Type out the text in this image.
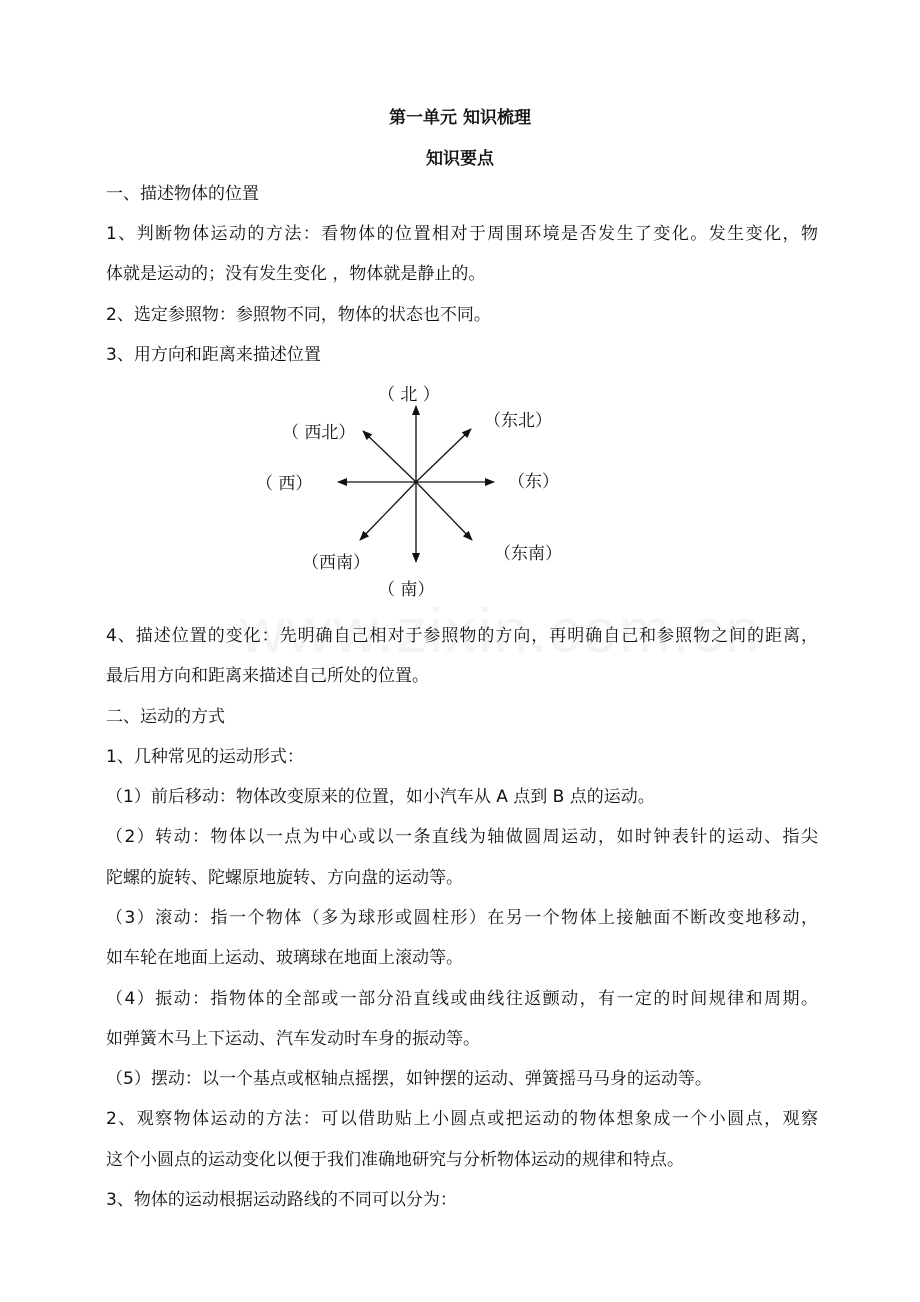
第一单元 知识梳理
知识要点
一、描述物体的位置
1、判断物体运动的方法：看物体的位置相对于周围环境是否发生了变化。发生变化，物
体就是运动的；没有发生变化 ，物体就是静止的。
2、选定参照物：参照物不同，物体的状态也不同。
3、用方向和距离来描述位置
（ 北 ）
（东北）
（ 西北）
（ 西）	（东）
（西南）	（东南）
（ 南）
4、描述位置的变化：先明确自己相对于参照物的方向，再明确自己和参照物之间的距离，
最后用方向和距离来描述自己所处的位置。
二、运动的方式
1、几种常见的运动形式：
（1）前后移动：物体改变原来的位置，如小汽车从 A 点到 B 点的运动。
（2）转动：物体以一点为中心或以一条直线为轴做圆周运动，如时钟表针的运动、指尖
陀螺的旋转、陀螺原地旋转、方向盘的运动等。
（3）滚动：指一个物体（多为球形或圆柱形）在另一个物体上接触面不断改变地移动，
如车轮在地面上运动、玻璃球在地面上滚动等。
（4）振动：指物体的全部或一部分沿直线或曲线往返颤动，有一定的时间规律和周期。
如弹簧木马上下运动、汽车发动时车身的振动等。
（5）摆动：以一个基点或枢轴点摇摆，如钟摆的运动、弹簧摇马马身的运动等。
2、观察物体运动的方法：可以借助贴上小圆点或把运动的物体想象成一个小圆点，观察
这个小圆点的运动变化以便于我们准确地研究与分析物体运动的规律和特点。
3、物体的运动根据运动路线的不同可以分为：
